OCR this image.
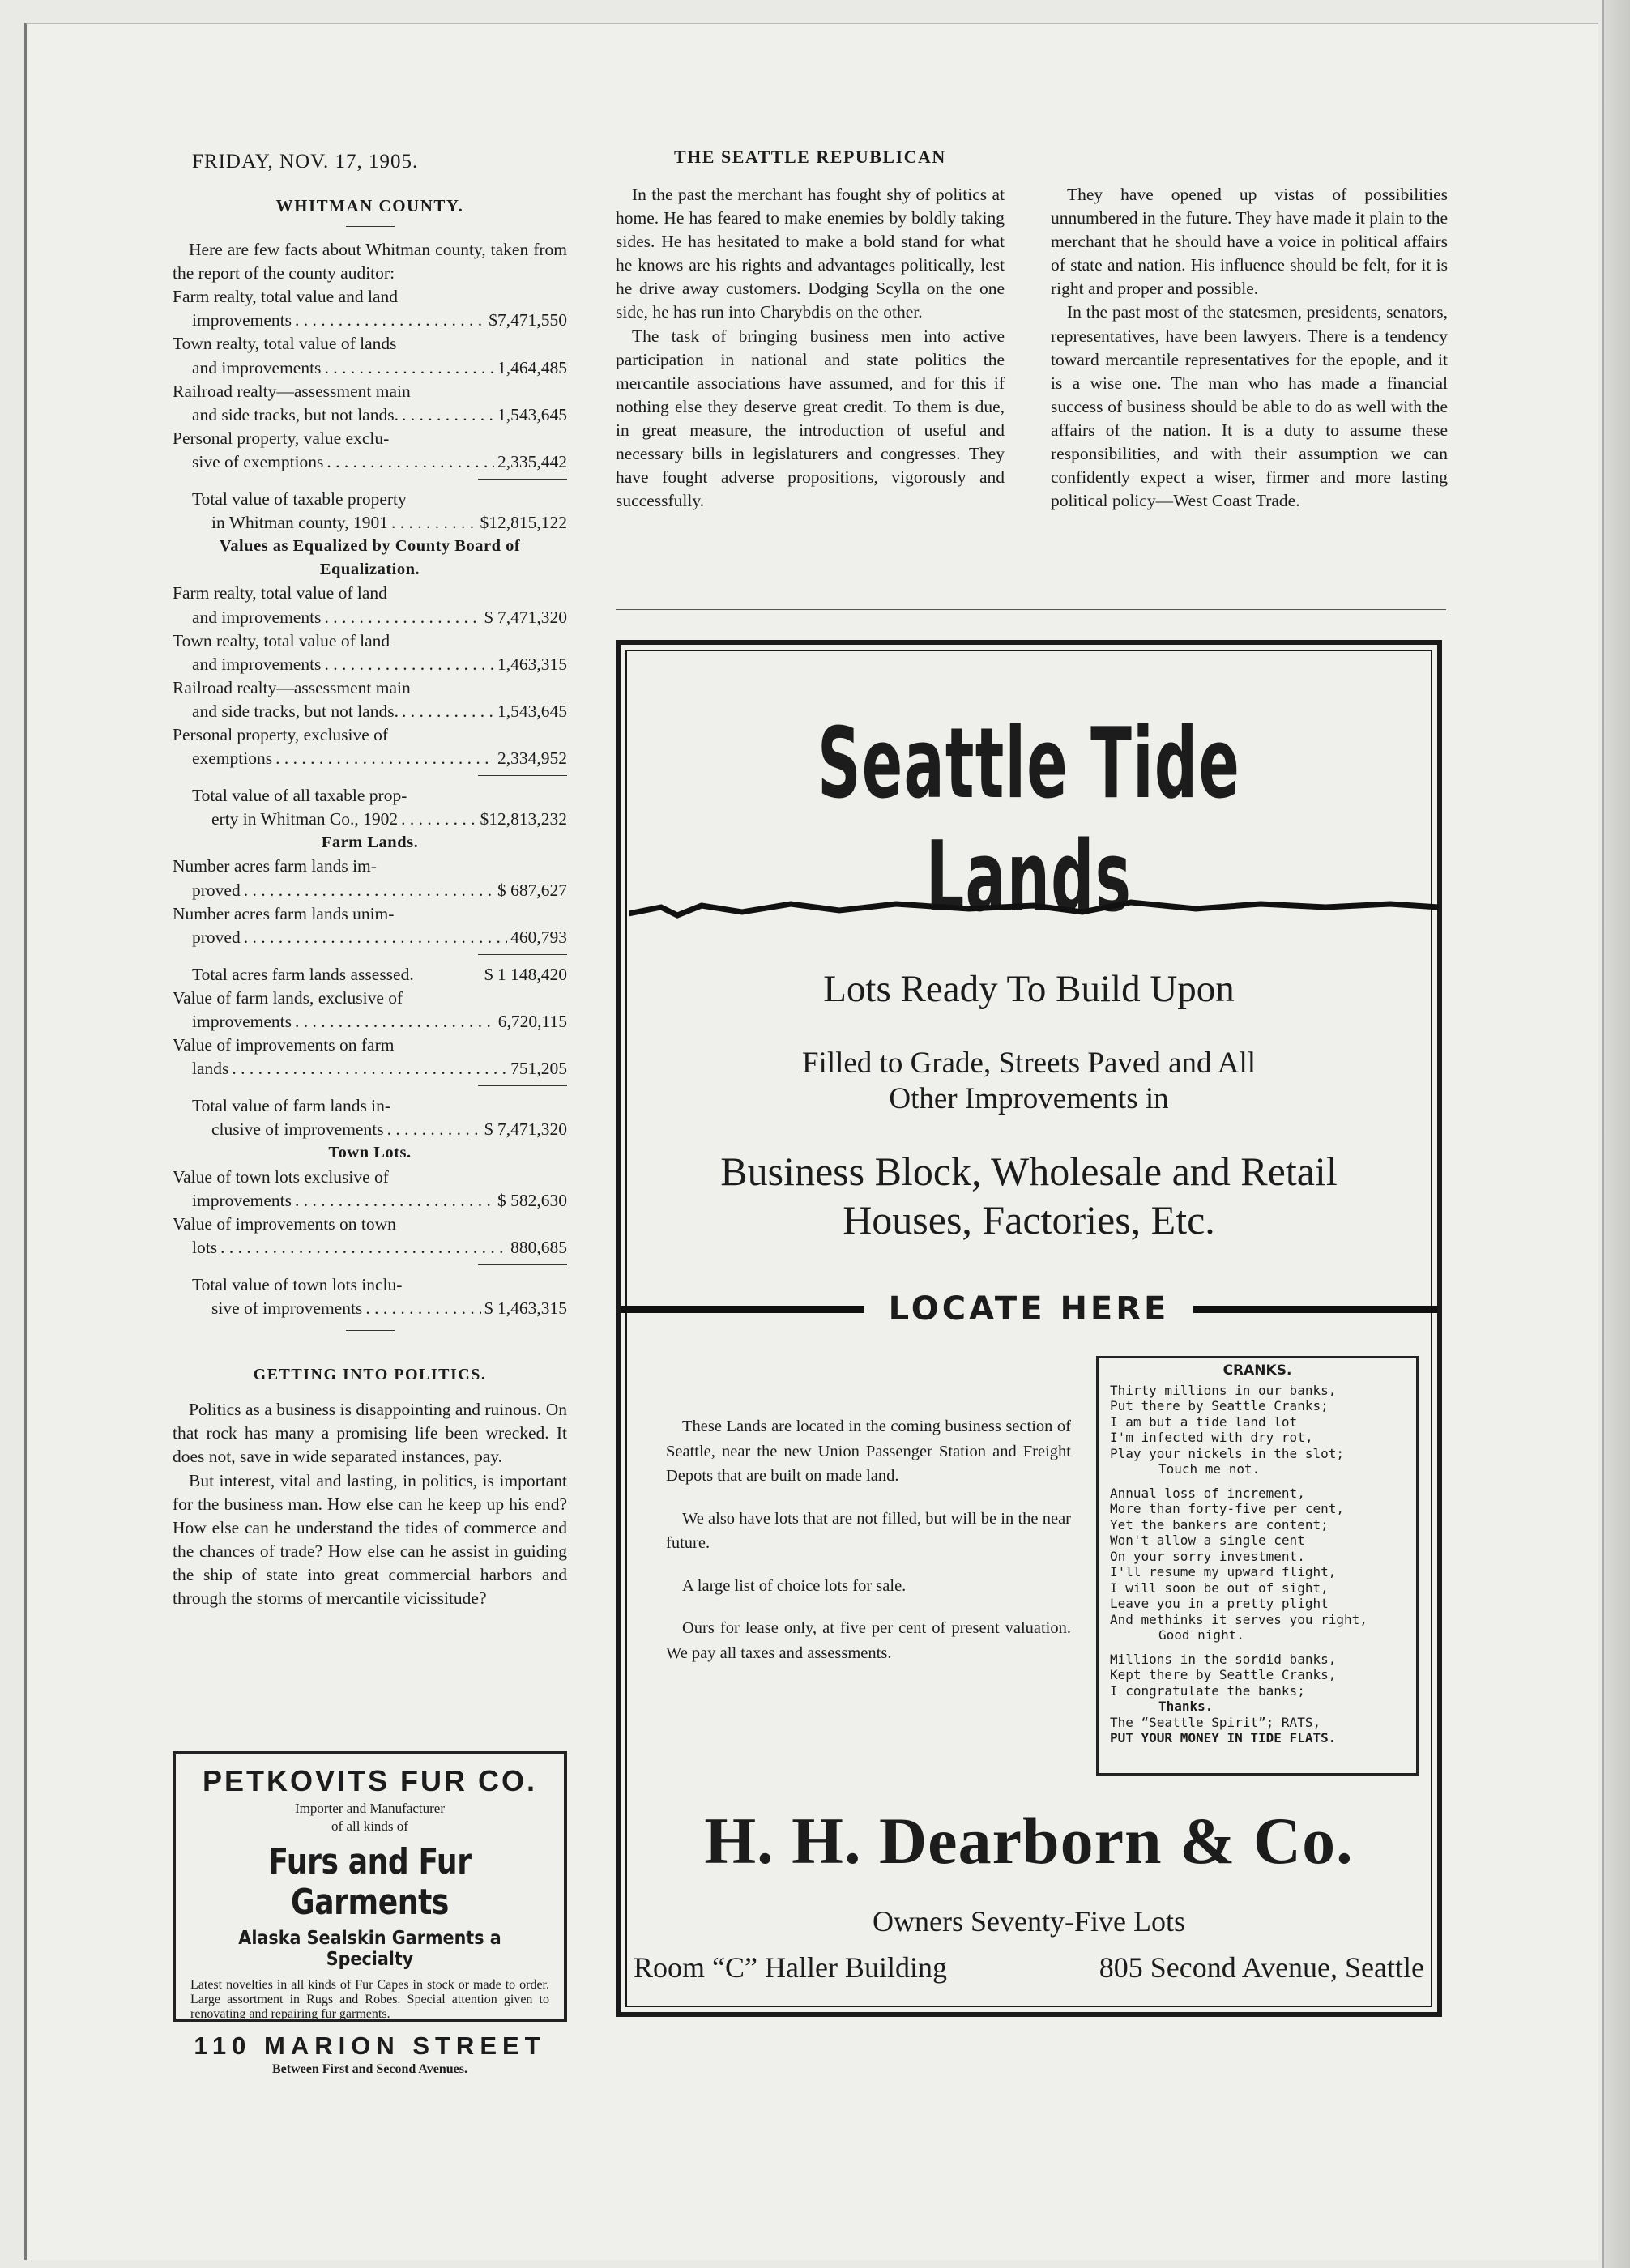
FRIDAY, NOV. 17, 1905.	THE SEATTLE REPUBLICAN
WHITMAN COUNTY.

Here are few facts about Whitman county, taken from the report of the county auditor:

Farm realty, total value and land
improvements . . .	$7,471,550
Town realty, total value of lands
and improvements . . .	1,464,485
Railroad realty—assessment main
and side tracks, but not lands. . . .	1,543,645
Personal property, value exclu-
sive of exemptions . . .	2,335,442
Total value of taxable property
in Whitman county, 1901 . . .	$12,815,122
Values as Equalized by County Board of Equalization.
Farm realty, total value of land
and improvements . . .	$ 7,471,320
Town realty, total value of land
and improvements . . .	1,463,315
Railroad realty—assessment main
and side tracks, but not lands. . . .	1,543,645
Personal property, exclusive of
exemptions . . .	2,334,952
Total value of all taxable prop-
erty in Whitman Co., 1902 . . .	$12,813,232
Farm Lands.
Number acres farm lands im-
proved . . .	$ 687,627
Number acres farm lands unim-
proved . . .	460,793
Total acres farm lands assessed.	$ 1 148,420
Value of farm lands, exclusive of
improvements . . .	6,720,115
Value of improvements on farm
lands . . .	751,205
Total value of farm lands in-
clusive of improvements . . .	$ 7,471,320
Town Lots.
Value of town lots exclusive of
improvements . . .	$ 582,630
Value of improvements on town
lots . . .	880,685
Total value of town lots inclu-
sive of improvements . . .	$ 1,463,315
GETTING INTO POLITICS.

Politics as a business is disappointing and ruinous. On that rock has many a promising life been wrecked. It does not, save in wide separated instances, pay.

But interest, vital and lasting, in politics, is important for the business man. How else can he keep up his end? How else can he understand the tides of commerce and the chances of trade? How else can he assist in guiding the ship of state into great commercial harbors and through the storms of mercantile vicissitude?

PETKOVITS FUR CO.
Importer and Manufacturer
of all kinds of
Furs and Fur Garments
Alaska Sealskin Garments a Specialty
Latest novelties in all kinds of Fur Capes in stock or made to order. Large assortment in Rugs and Robes. Special attention given to renovating and repairing fur garments.
110 MARION STREET
Between First and Second Avenues.

In the past the merchant has fought shy of politics at home. He has feared to make enemies by boldly taking sides. He has hesitated to make a bold stand for what he knows are his rights and advantages politically, lest he drive away customers. Dodging Scylla on the one side, he has run into Charybdis on the other.

The task of bringing business men into active participation in national and state politics the mercantile associations have assumed, and for this if nothing else they deserve great credit. To them is due, in great measure, the introduction of useful and necessary bills in legislaturers and congresses. They have fought adverse propositions, vigorously and successfully.

They have opened up vistas of possibilities unnumbered in the future. They have made it plain to the merchant that he should have a voice in political affairs of state and nation. His influence should be felt, for it is right and proper and possible.

In the past most of the statesmen, presidents, senators, representatives, have been lawyers. There is a tendency toward mercantile representatives for the epople, and it is a wise one. The man who has made a financial success of business should be able to do as well with the affairs of the nation. It is a duty to assume these responsibilities, and with their assumption we can confidently expect a wiser, firmer and more lasting political policy—West Coast Trade.

Seattle Tide Lands
Lots Ready To Build Upon
Filled to Grade, Streets Paved and All
Other Improvements in
Business Block, Wholesale and Retail
Houses, Factories, Etc.
LOCATE HERE

These Lands are located in the coming business section of Seattle, near the new Union Passenger Station and Freight Depots that are built on made land.

We also have lots that are not filled, but will be in the near future.

A large list of choice lots for sale.

Ours for lease only, at five per cent of present valuation. We pay all taxes and assessments.

CRANKS.
Thirty millions in our banks,
Put there by Seattle Cranks;
I am but a tide land lot
I'm infected with dry rot,
Play your nickels in the slot;
Touch me not.
Annual loss of increment,
More than forty-five per cent,
Yet the bankers are content;
Won't allow a single cent
On your sorry investment.
I'll resume my upward flight,
I will soon be out of sight,
Leave you in a pretty plight
And methinks it serves you right,
Good night.
Millions in the sordid banks,
Kept there by Seattle Cranks,
I congratulate the banks;
Thanks.
The “Seattle Spirit”; RATS,
PUT YOUR MONEY IN TIDE FLATS.
H. H. Dearborn & Co.
Owners Seventy-Five Lots
Room “C” Haller Building	805 Second Avenue, Seattle
